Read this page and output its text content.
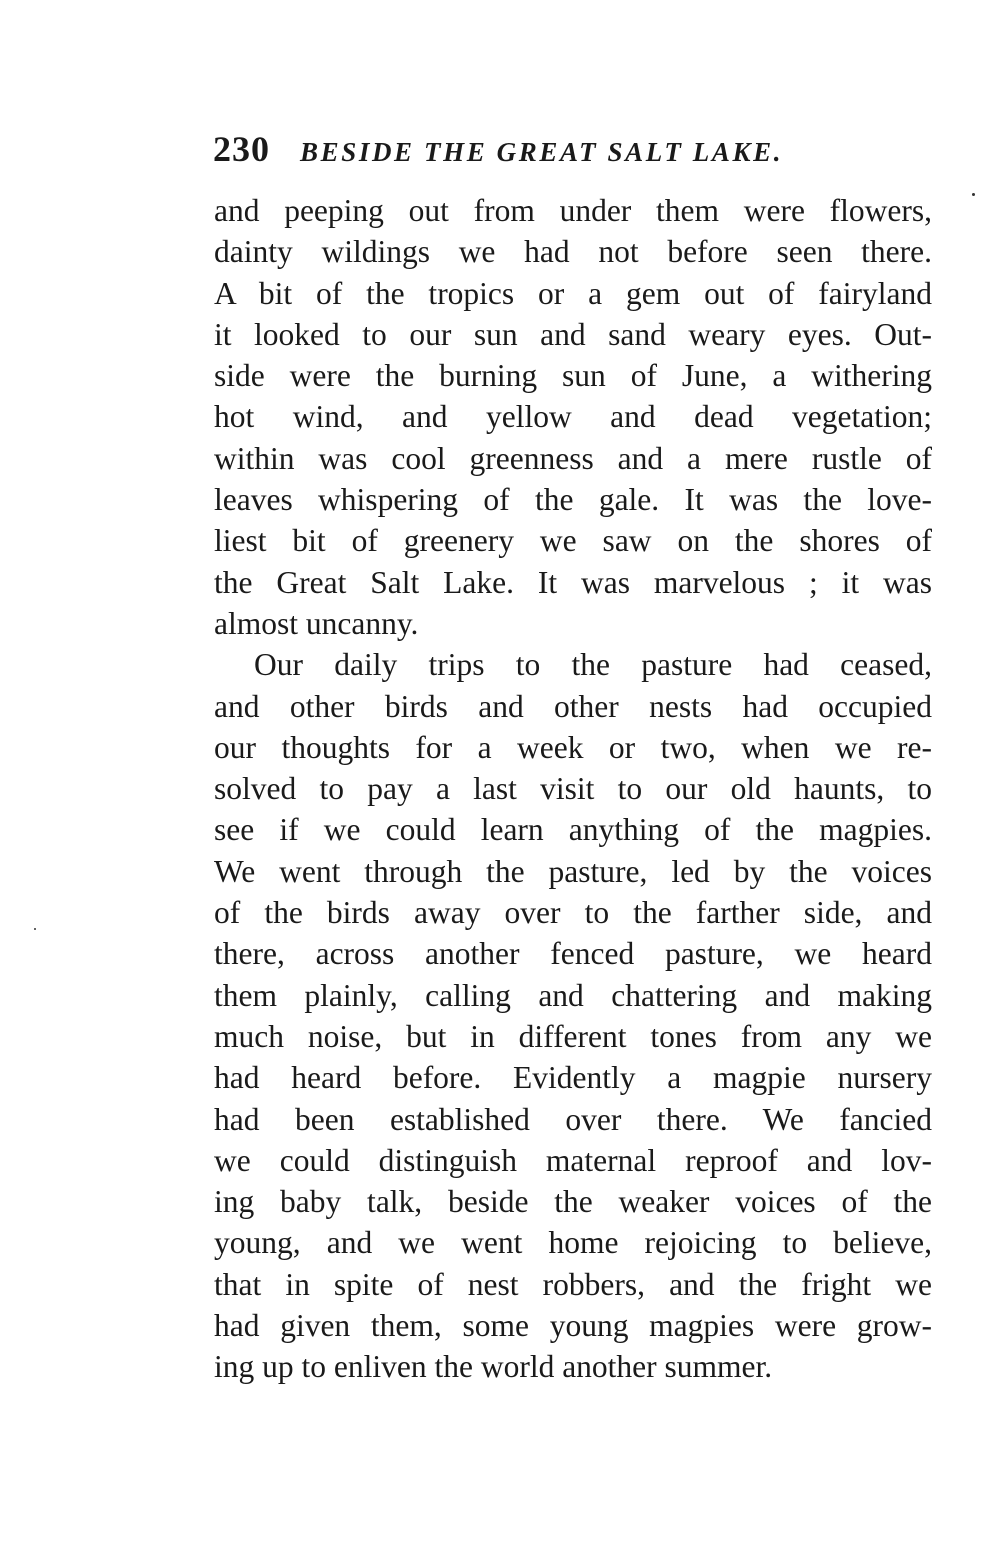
230 BESIDE THE GREAT SALT LAKE.
and peeping out from under them were flowers,
dainty wildings we had not before seen there.
A bit of the tropics or a gem out of fairyland
it looked to our sun and sand weary eyes. Out-
side were the burning sun of June, a withering
hot wind, and yellow and dead vegetation;
within was cool greenness and a mere rustle of
leaves whispering of the gale. It was the love-
liest bit of greenery we saw on the shores of
the Great Salt Lake. It was marvelous ; it was
almost uncanny.
Our daily trips to the pasture had ceased,
and other birds and other nests had occupied
our thoughts for a week or two, when we re-
solved to pay a last visit to our old haunts, to
see if we could learn anything of the magpies.
We went through the pasture, led by the voices
of the birds away over to the farther side, and
there, across another fenced pasture, we heard
them plainly, calling and chattering and making
much noise, but in different tones from any we
had heard before. Evidently a magpie nursery
had been established over there. We fancied
we could distinguish maternal reproof and lov-
ing baby talk, beside the weaker voices of the
young, and we went home rejoicing to believe,
that in spite of nest robbers, and the fright we
had given them, some young magpies were grow-
ing up to enliven the world another summer.
